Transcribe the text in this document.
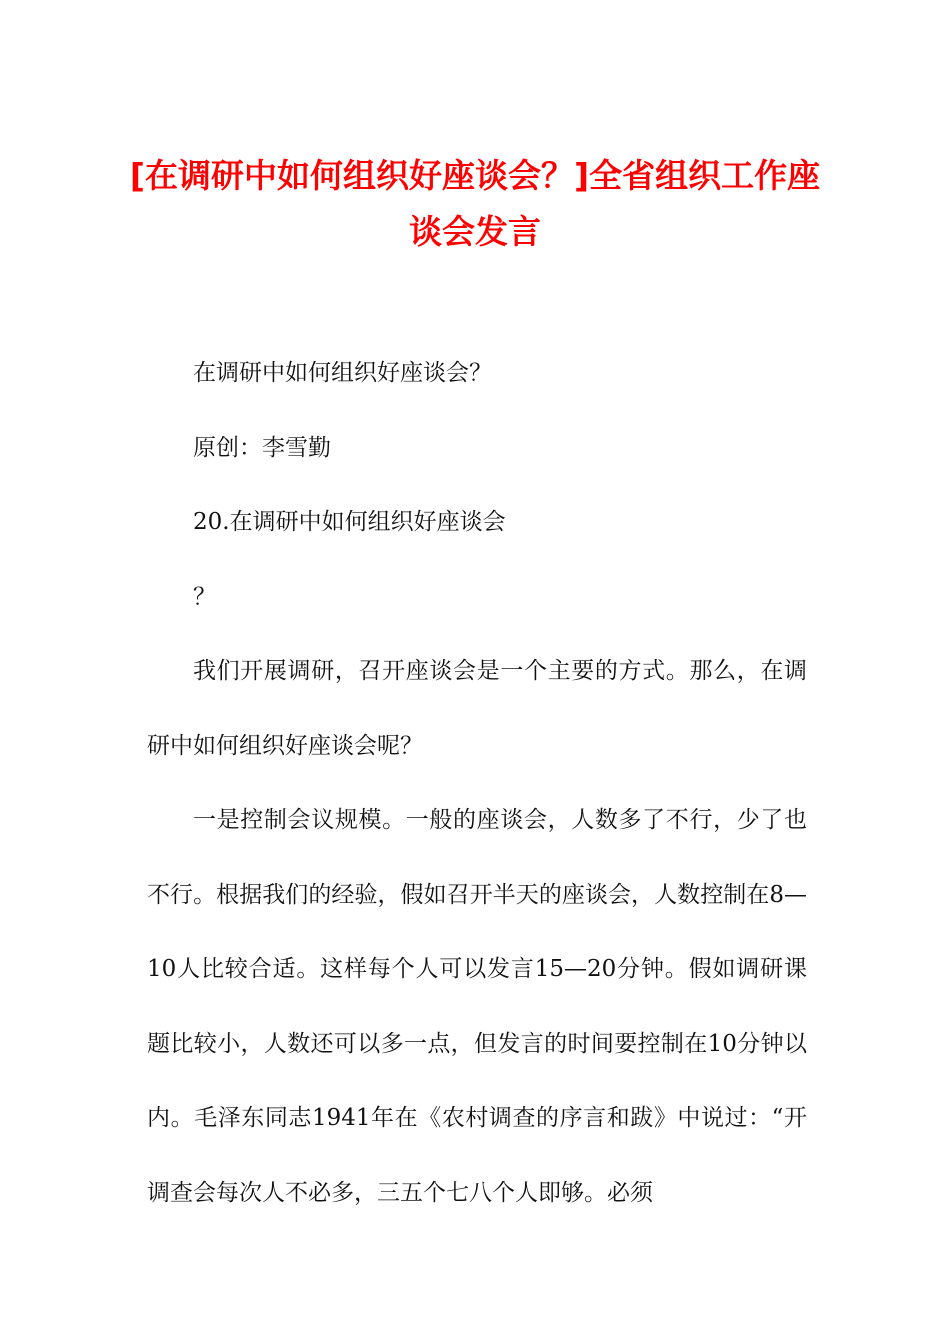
[在调研中如何组织好座谈会？]全省组织工作座谈会发言

在调研中如何组织好座谈会？

原创：李雪勤

20.在调研中如何组织好座谈会

？

我们开展调研，召开座谈会是一个主要的方式。那么，在调研中如何组织好座谈会呢？

一是控制会议规模。一般的座谈会，人数多了不行，少了也不行。根据我们的经验，假如召开半天的座谈会，人数控制在8—10人比较合适。这样每个人可以发言15—20分钟。假如调研课题比较小，人数还可以多一点，但发言的时间要控制在10分钟以内。毛泽东同志1941年在《农村调查的序言和跋》中说过：“开调查会每次人不必多，三五个七八个人即够。必须
